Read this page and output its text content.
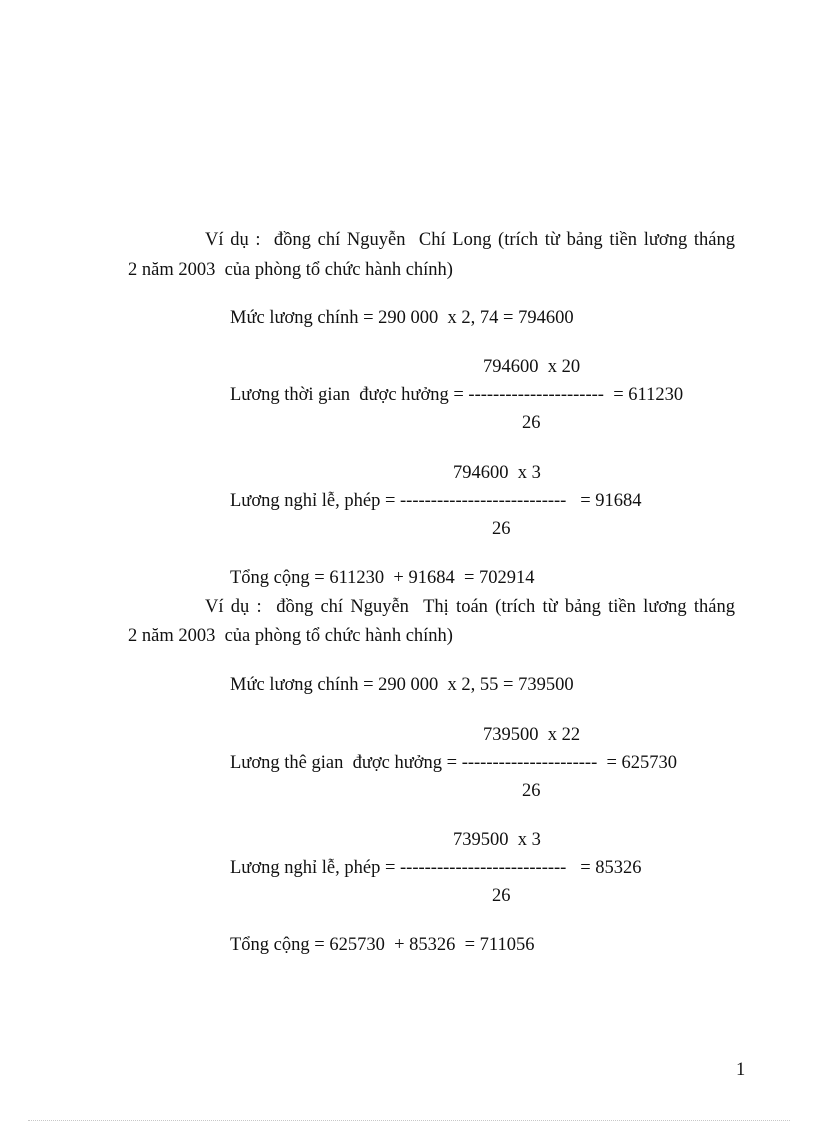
Ví dụ :  đồng chí Nguyễn  Chí Long (trích từ bảng tiền lương tháng
2 năm 2003  của phòng tổ chức hành chính)
Mức lương chính = 290 000  x 2, 74 = 794600
794600  x 20
Lương thời gian  được hưởng = ----------------------  = 611230
26
794600  x 3
Lương nghỉ lễ, phép = ---------------------------   = 91684
26
Tổng cộng = 611230  + 91684  = 702914
Ví dụ :  đồng chí Nguyễn  Thị toán (trích từ bảng tiền lương tháng
2 năm 2003  của phòng tổ chức hành chính)
Mức lương chính = 290 000  x 2, 55 = 739500
739500  x 22
Lương thê gian  được hưởng = ----------------------  = 625730
26
739500  x 3
Lương nghỉ lễ, phép = ---------------------------   = 85326
26
Tổng cộng = 625730  + 85326  = 711056
1
